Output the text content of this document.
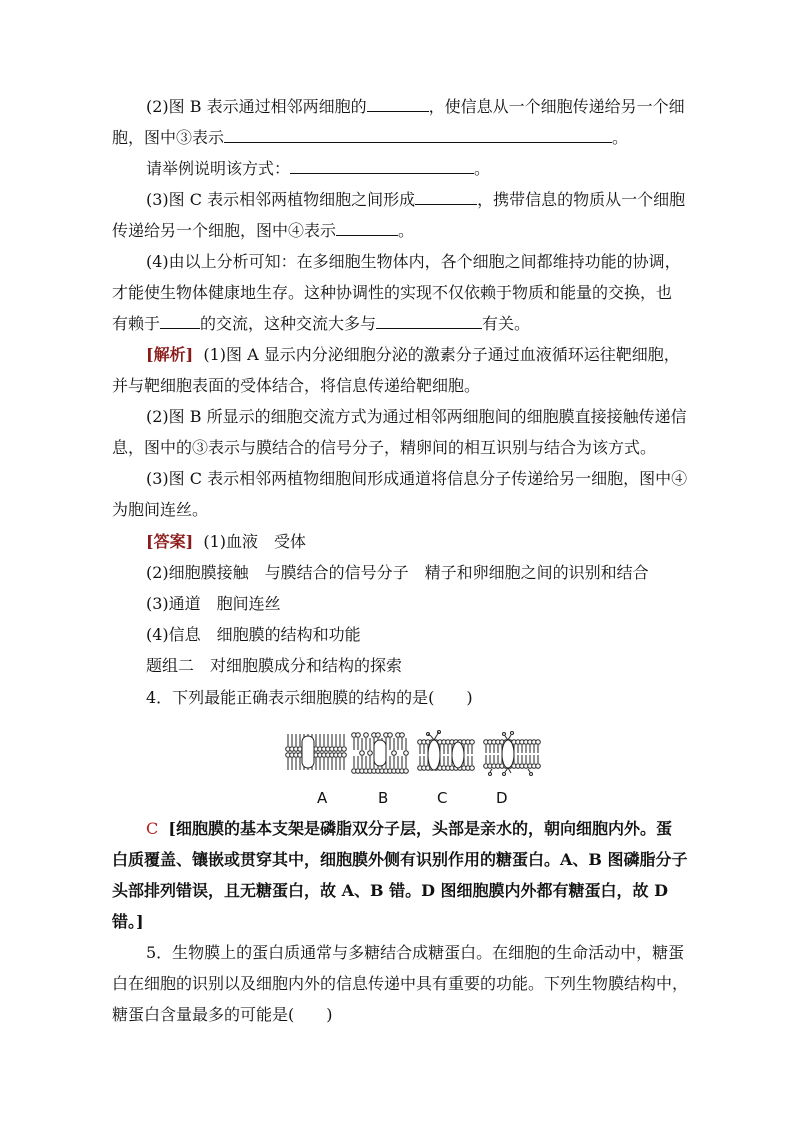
(2)图 B 表示通过相邻两细胞的	，使信息从一个细胞传递给另一个细
胞，图中③表示	。
请举例说明该方式：	。
(3)图 C 表示相邻两植物细胞之间形成	，携带信息的物质从一个细胞
传递给另一个细胞，图中④表示	。
(4)由以上分析可知：在多细胞生物体内，各个细胞之间都维持功能的协调，
才能使生物体健康地生存。这种协调性的实现不仅依赖于物质和能量的交换，也
有赖于	的交流，这种交流大多与	有关。
[解析] (1)图 A 显示内分泌细胞分泌的激素分子通过血液循环运往靶细胞，
并与靶细胞表面的受体结合，将信息传递给靶细胞。
(2)图 B 所显示的细胞交流方式为通过相邻两细胞间的细胞膜直接接触传递信
息，图中的③表示与膜结合的信号分子，精卵间的相互识别与结合为该方式。
(3)图 C 表示相邻两植物细胞间形成通道将信息分子传递给另一细胞，图中④
为胞间连丝。
[答案] (1)血液　受体
(2)细胞膜接触　与膜结合的信号分子　精子和卵细胞之间的识别和结合
(3)通道　胞间连丝
(4)信息　细胞膜的结构和功能
题组二　对细胞膜成分和结构的探索
4．下列最能正确表示细胞膜的结构的是(　　)
A	B	C	D
C [细胞膜的基本支架是磷脂双分子层，头部是亲水的，朝向细胞内外。蛋
白质覆盖、镶嵌或贯穿其中，细胞膜外侧有识别作用的糖蛋白。A、B 图磷脂分子
头部排列错误，且无糖蛋白，故 A、B 错。D 图细胞膜内外都有糖蛋白，故 D
错。]
5．生物膜上的蛋白质通常与多糖结合成糖蛋白。在细胞的生命活动中，糖蛋
白在细胞的识别以及细胞内外的信息传递中具有重要的功能。下列生物膜结构中，
糖蛋白含量最多的可能是(　　)
